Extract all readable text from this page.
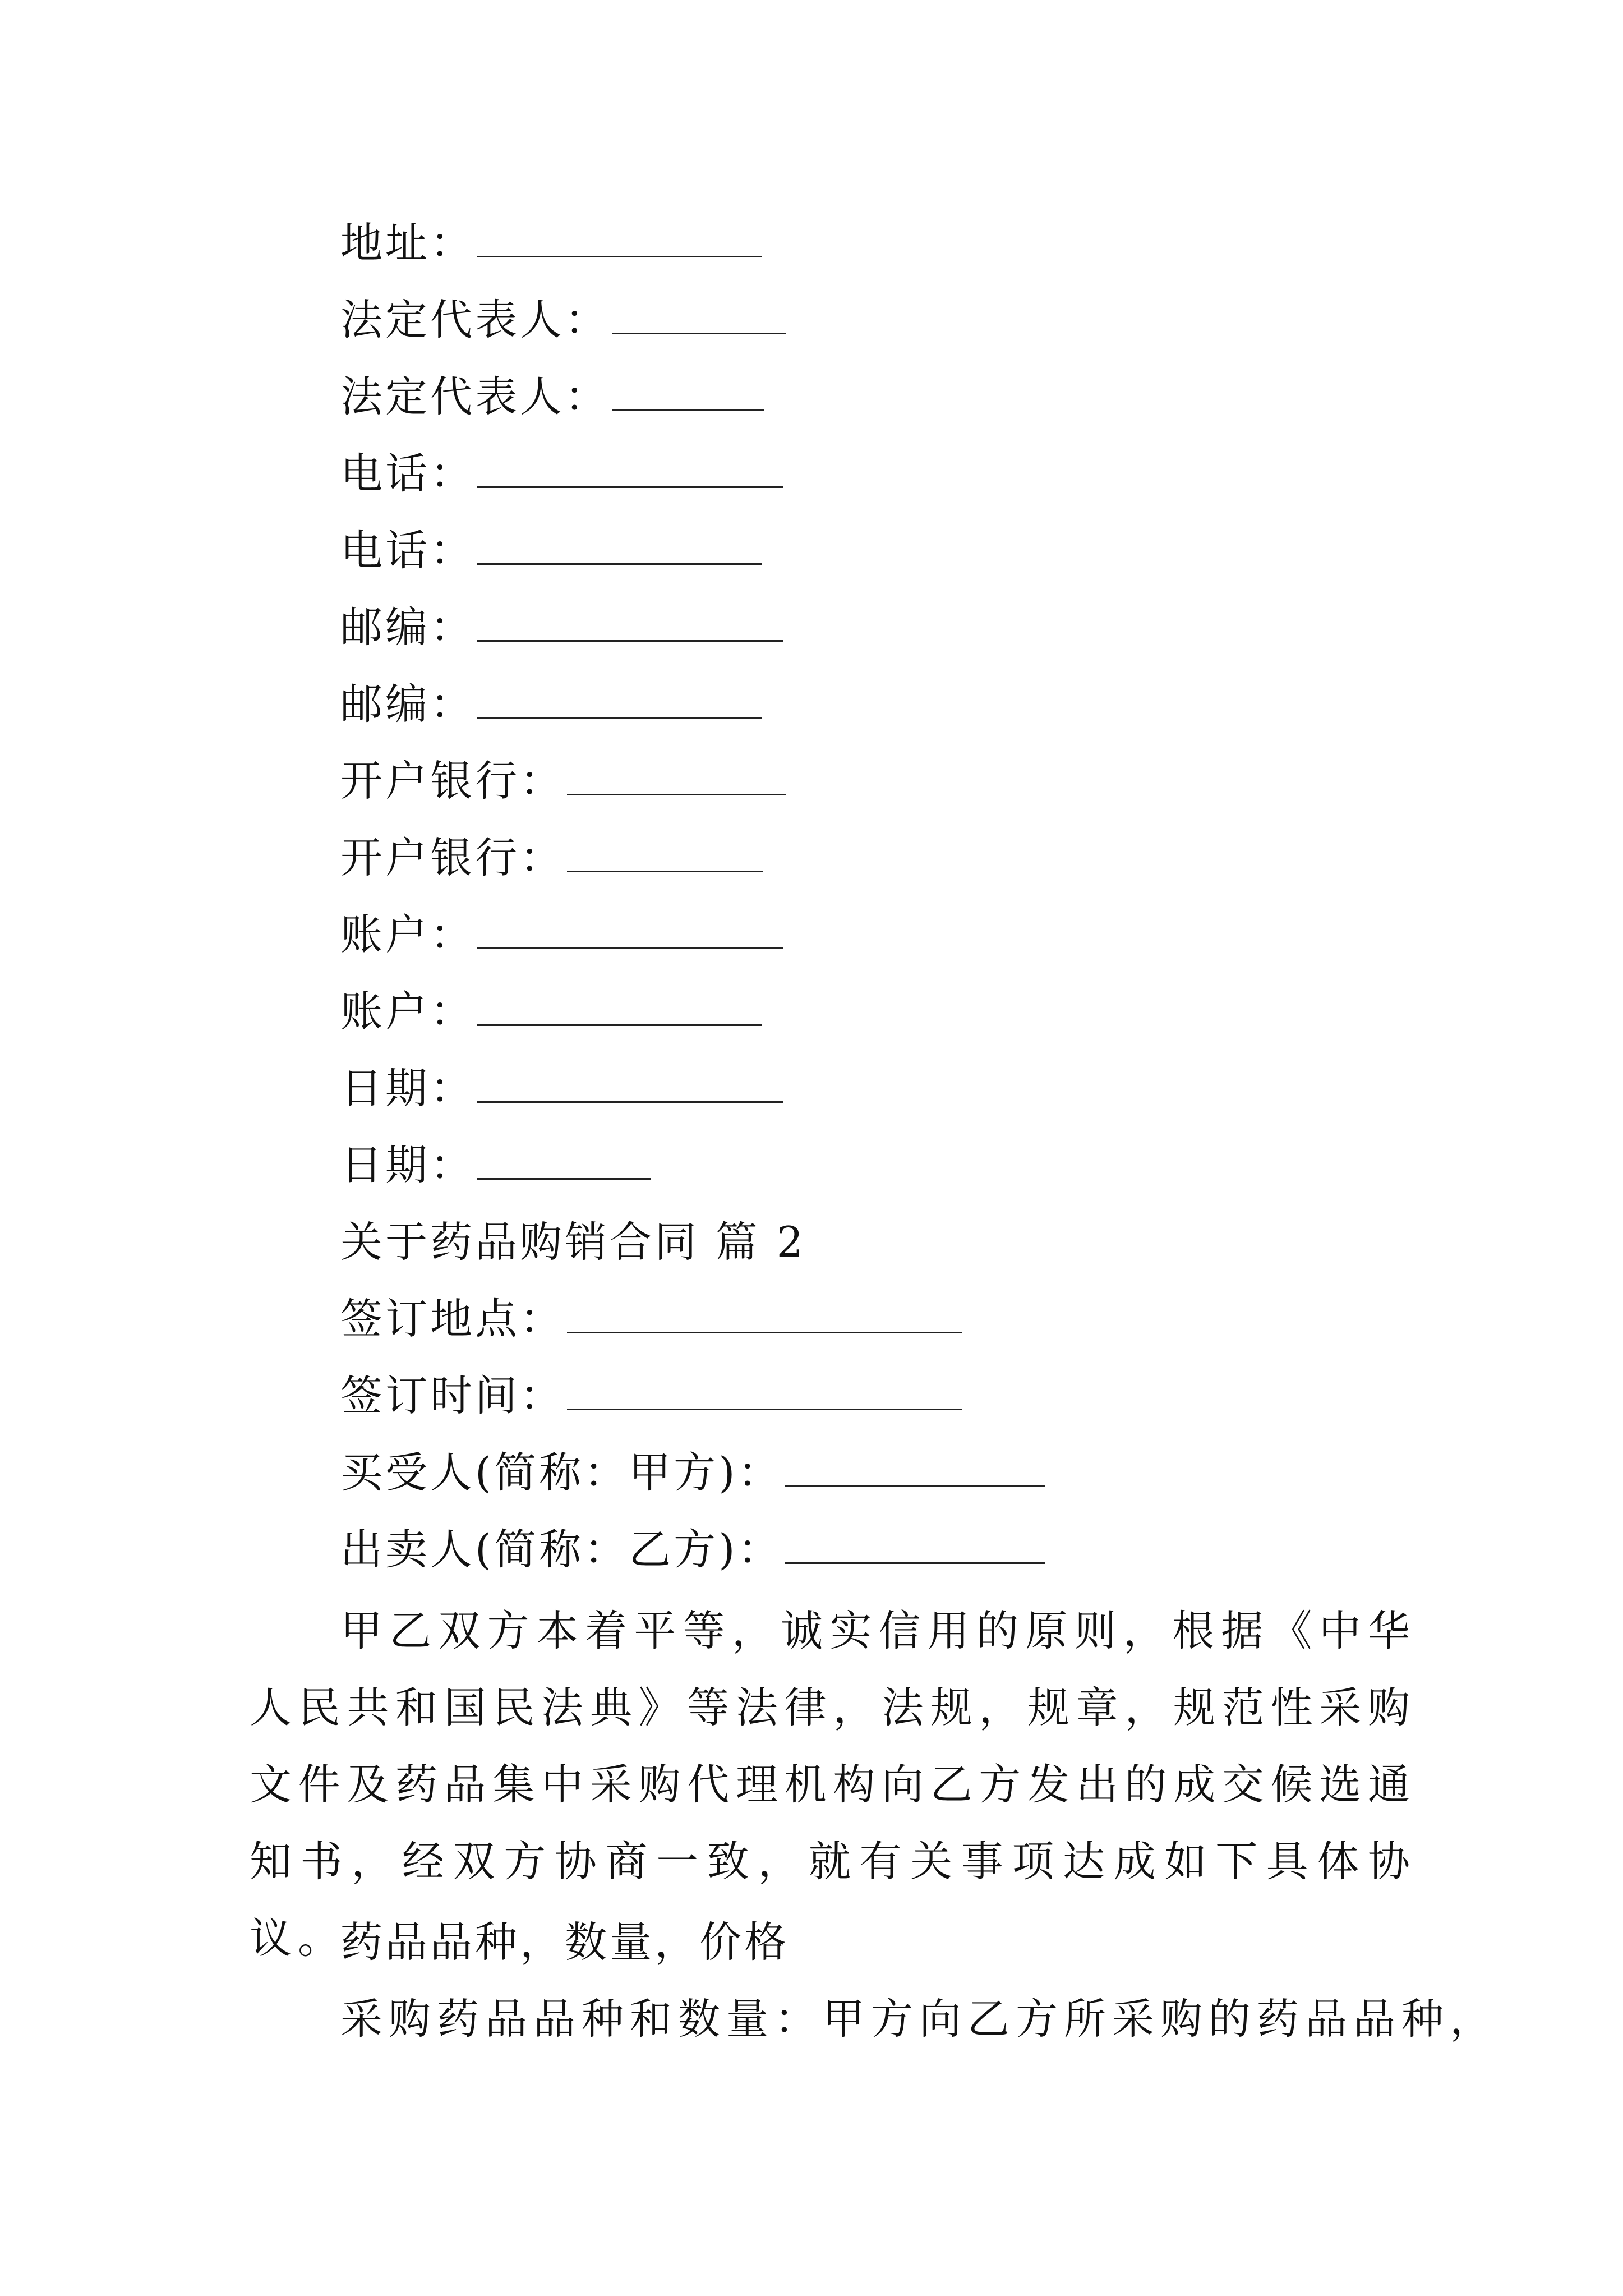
地址：
法定代表人：
法定代表人：
电话：
电话：
邮编：
邮编：
开户银行：
开户银行：
账户：
账户：
日期：
日期：
关于药品购销合同 篇 2
签订地点：
签订时间：
买受人(简称：甲方)：
出卖人(简称：乙方)：
甲乙双方本着平等，诚实信用的原则，根据《中华人民共和国民法典》等法律，法规，规章，规范性采购文件及药品集中采购代理机构向乙方发出的成交候选通知书，经双方协商一致，就有关事项达成如下具体协议。
药品品种，数量，价格
采购药品品种和数量：甲方向乙方所采购的药品品种，
